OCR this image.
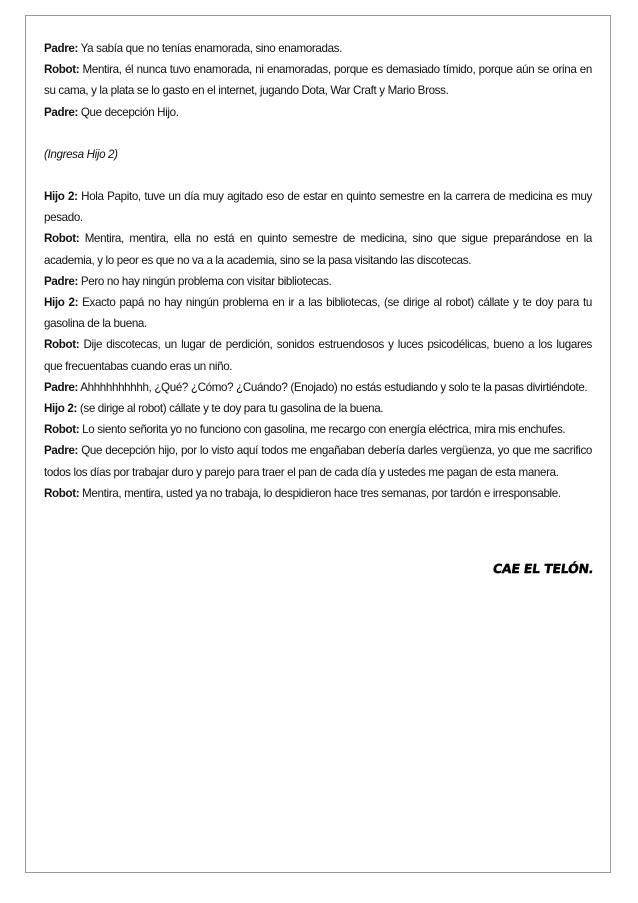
Padre: Ya sabía que no tenías enamorada, sino enamoradas.

Robot: Mentira, él nunca tuvo enamorada, ni enamoradas, porque es demasiado tímido, porque aún se orina en su cama, y la plata se lo gasto en el internet, jugando Dota, War Craft y Mario Bross.

Padre: Que decepción Hijo.

(Ingresa Hijo 2)

Hijo 2: Hola Papito, tuve un día muy agitado eso de estar en quinto semestre en la carrera de medicina es muy pesado.

Robot: Mentira, mentira, ella no está en quinto semestre de medicina, sino que sigue preparándose en la academia, y lo peor es que no va a la academia, sino se la pasa visitando las discotecas.

Padre: Pero no hay ningún problema con visitar bibliotecas.

Hijo 2: Exacto papá no hay ningún problema en ir a las bibliotecas, (se dirige al robot) cállate y te doy para tu gasolina de la buena.

Robot: Dije discotecas, un lugar de perdición, sonidos estruendosos y luces psicodélicas, bueno a los lugares que frecuentabas cuando eras un niño.

Padre: Ahhhhhhhhhh, ¿Qué? ¿Cómo? ¿Cuándo? (Enojado) no estás estudiando y solo te la pasas divirtiéndote.

Hijo 2: (se dirige al robot) cállate y te doy para tu gasolina de la buena.

Robot: Lo siento señorita yo no funciono con gasolina, me recargo con energía eléctrica, mira mis enchufes.

Padre: Que decepción hijo, por lo visto aquí todos me engañaban debería darles vergüenza, yo que me sacrifico todos los días por trabajar duro y parejo para traer el pan de cada día y ustedes me pagan de esta manera.

Robot: Mentira, mentira, usted ya no trabaja, lo despidieron hace tres semanas, por tardón e irresponsable.

CAE EL TELÓN.
